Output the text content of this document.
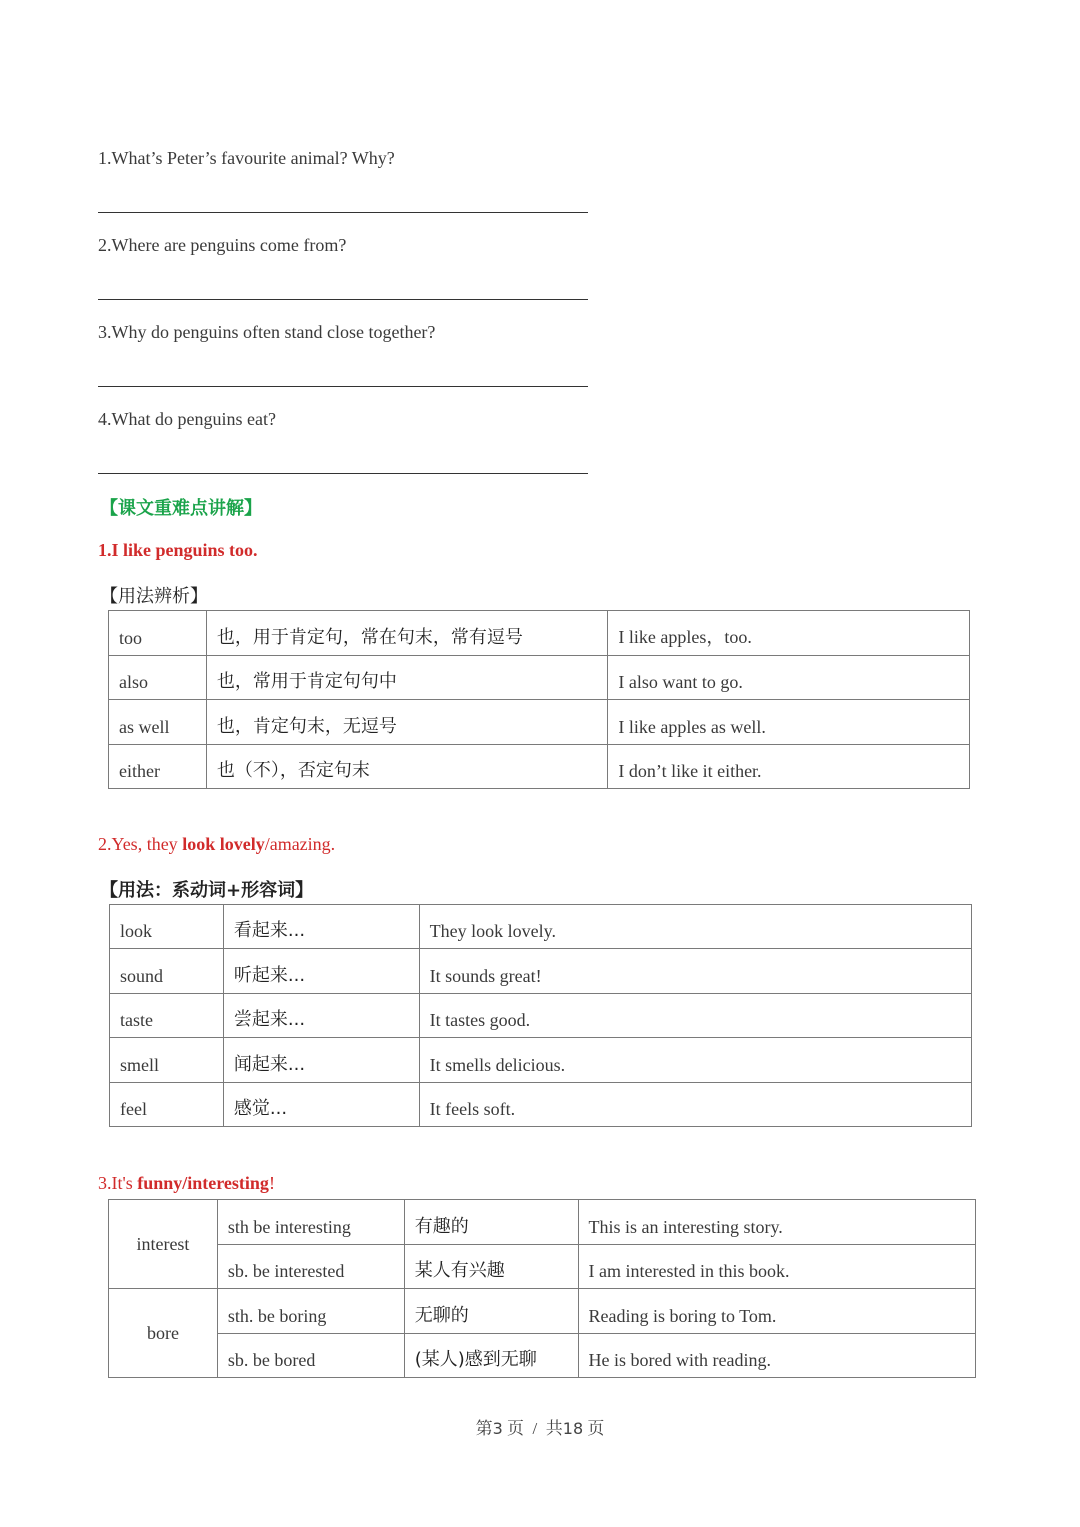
1.What’s Peter’s favourite animal? Why?
2.Where are penguins come from?
3.Why do penguins often stand close together?
4.What do penguins eat?
【课文重难点讲解】
1.I like penguins too.
【用法辨析】
too	也，用于肯定句，常在句末，常有逗号	I like apples，too.
also	也，常用于肯定句句中	I also want to go.
as well	也，肯定句末，无逗号	I like apples as well.
either	也（不），否定句末	I don’t like it either.
2.Yes, they look lovely/amazing.
【用法：系动词+形容词】
look	看起来...	They look lovely.
sound	听起来...	It sounds great!
taste	尝起来...	It tastes good.
smell	闻起来...	It smells delicious.
feel	感觉...	It feels soft.
3.It's funny/interesting!
interest	sth be interesting	有趣的	This is an interesting story.
	sb. be interested	某人有兴趣	I am interested in this book.
bore	sth. be boring	无聊的	Reading is boring to Tom.
	sb. be bored	(某人)感到无聊	He is bored with reading.
第3 页  /  共18 页
